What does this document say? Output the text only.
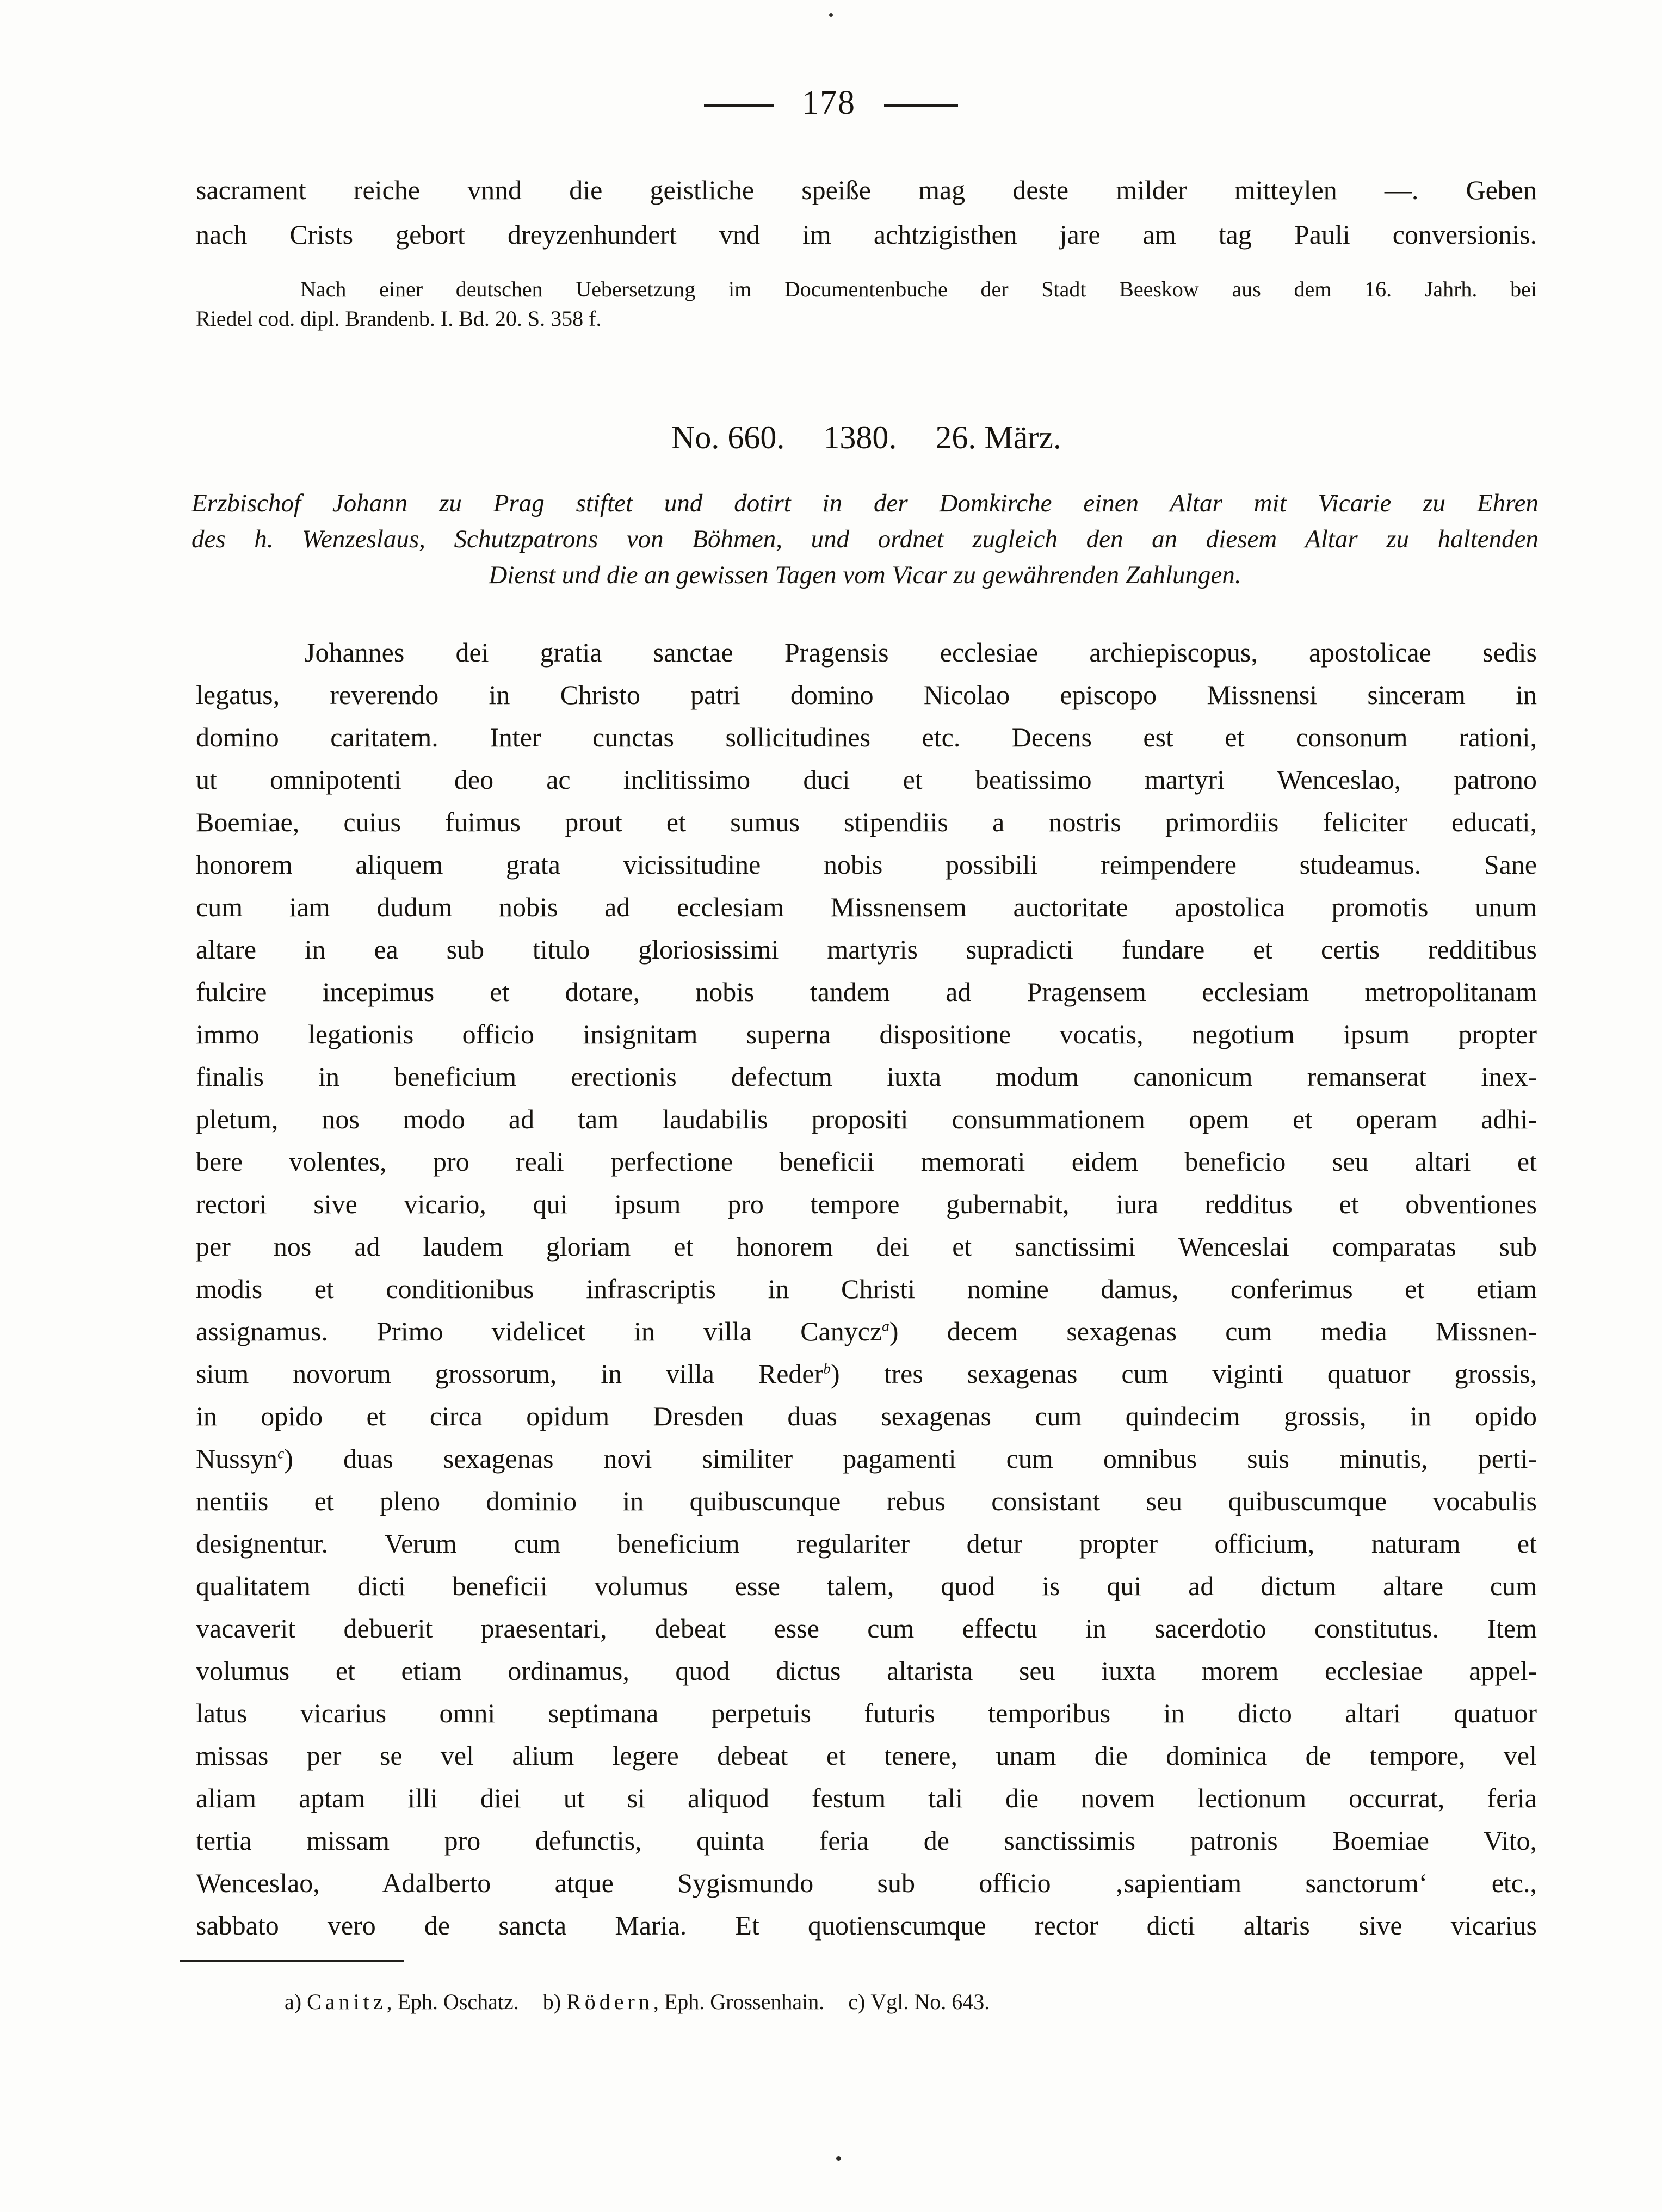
178
sacrament reiche vnnd die geistliche speiße mag deste milder mitteylen —. Geben
nach Crists gebort dreyzenhundert vnd im achtzigisthen jare am tag Pauli conversionis.
Nach einer deutschen Uebersetzung im Documentenbuche der Stadt Beeskow aus dem 16. Jahrh. bei
Riedel cod. dipl. Brandenb. I. Bd. 20. S. 358 f.
No. 660. 1380. 26. März.
Erzbischof Johann zu Prag stiftet und dotirt in der Domkirche einen Altar mit Vicarie zu Ehren
des h. Wenzeslaus, Schutzpatrons von Böhmen, und ordnet zugleich den an diesem Altar zu haltenden
Dienst und die an gewissen Tagen vom Vicar zu gewährenden Zahlungen.
Johannes dei gratia sanctae Pragensis ecclesiae archiepiscopus, apostolicae sedis
legatus, reverendo in Christo patri domino Nicolao episcopo Missnensi sinceram in
domino caritatem. Inter cunctas sollicitudines etc. Decens est et consonum rationi,
ut omnipotenti deo ac inclitissimo duci et beatissimo martyri Wenceslao, patrono
Boemiae, cuius fuimus prout et sumus stipendiis a nostris primordiis feliciter educati,
honorem aliquem grata vicissitudine nobis possibili reimpendere studeamus. Sane
cum iam dudum nobis ad ecclesiam Missnensem auctoritate apostolica promotis unum
altare in ea sub titulo gloriosissimi martyris supradicti fundare et certis redditibus
fulcire incepimus et dotare, nobis tandem ad Pragensem ecclesiam metropolitanam
immo legationis officio insignitam superna dispositione vocatis, negotium ipsum propter
finalis in beneficium erectionis defectum iuxta modum canonicum remanserat inex-
pletum, nos modo ad tam laudabilis propositi consummationem opem et operam adhi-
bere volentes, pro reali perfectione beneficii memorati eidem beneficio seu altari et
rectori sive vicario, qui ipsum pro tempore gubernabit, iura redditus et obventiones
per nos ad laudem gloriam et honorem dei et sanctissimi Wenceslai comparatas sub
modis et conditionibus infrascriptis in Christi nomine damus, conferimus et etiam
assignamus. Primo videlicet in villa Canycz$^a$) decem sexagenas cum media Missnen-
sium novorum grossorum, in villa Reder$^b$) tres sexagenas cum viginti quatuor grossis,
in opido et circa opidum Dresden duas sexagenas cum quindecim grossis, in opido
Nussyn$^c$) duas sexagenas novi similiter pagamenti cum omnibus suis minutis, perti-
nentiis et pleno dominio in quibuscunque rebus consistant seu quibuscumque vocabulis
designentur. Verum cum beneficium regulariter detur propter officium, naturam et
qualitatem dicti beneficii volumus esse talem, quod is qui ad dictum altare cum
vacaverit debuerit praesentari, debeat esse cum effectu in sacerdotio constitutus. Item
volumus et etiam ordinamus, quod dictus altarista seu iuxta morem ecclesiae appel-
latus vicarius omni septimana perpetuis futuris temporibus in dicto altari quatuor
missas per se vel alium legere debeat et tenere, unam die dominica de tempore, vel
aliam aptam illi diei ut si aliquod festum tali die novem lectionum occurrat, feria
tertia missam pro defunctis, quinta feria de sanctissimis patronis Boemiae Vito,
Wenceslao, Adalberto atque Sygismundo sub officio ‚sapientiam sanctorum‘ etc.,
sabbato vero de sancta Maria. Et quotienscumque rector dicti altaris sive vicarius
a) Canitz, Eph. Oschatz. b) Rödern, Eph. Grossenhain. c) Vgl. No. 643.
